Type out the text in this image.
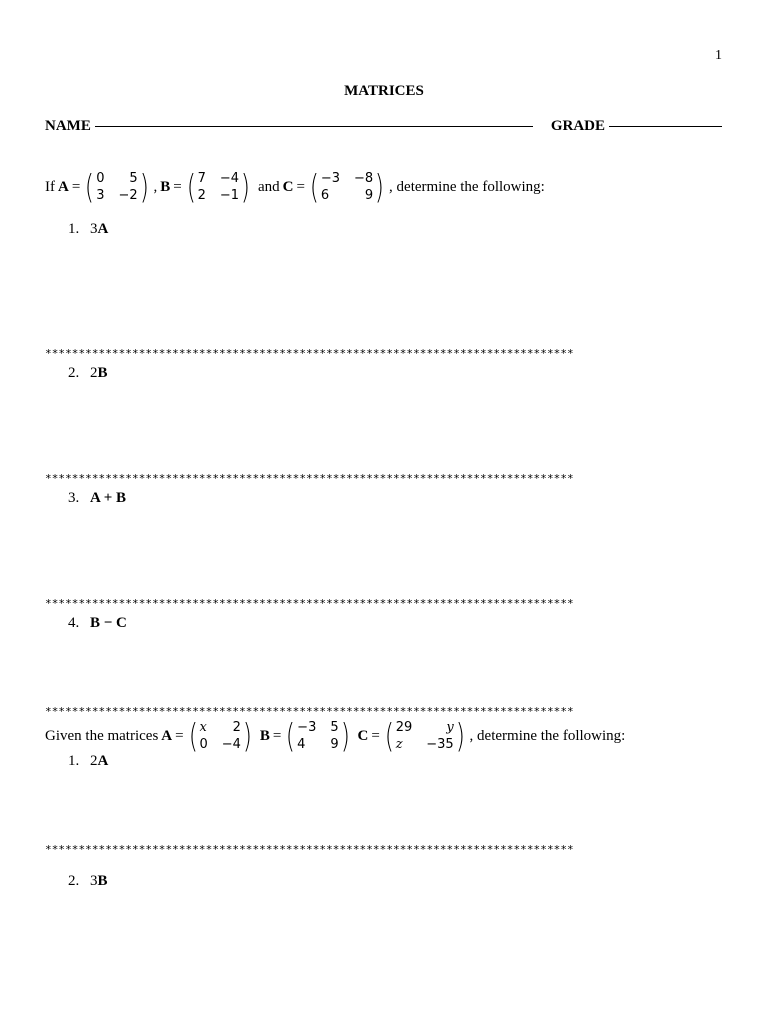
1
MATRICES
NAME	GRADE
If A = ( 0	5
3 −2 ) , B = ( 7 −4
2 −1 ) and C = ( −3 −8
6	9 ) , determine the following:
1. 3A
*******************************************************************************
2. 2B
*******************************************************************************
3. A + B
*******************************************************************************
4. B − C
*******************************************************************************
Given the matrices A = ( x	2
0 −4 ) B = ( −3 5
4	9 ) C = ( 29	y
z	−35 ) , determine the following:
1. 2A
*******************************************************************************
2. 3B
